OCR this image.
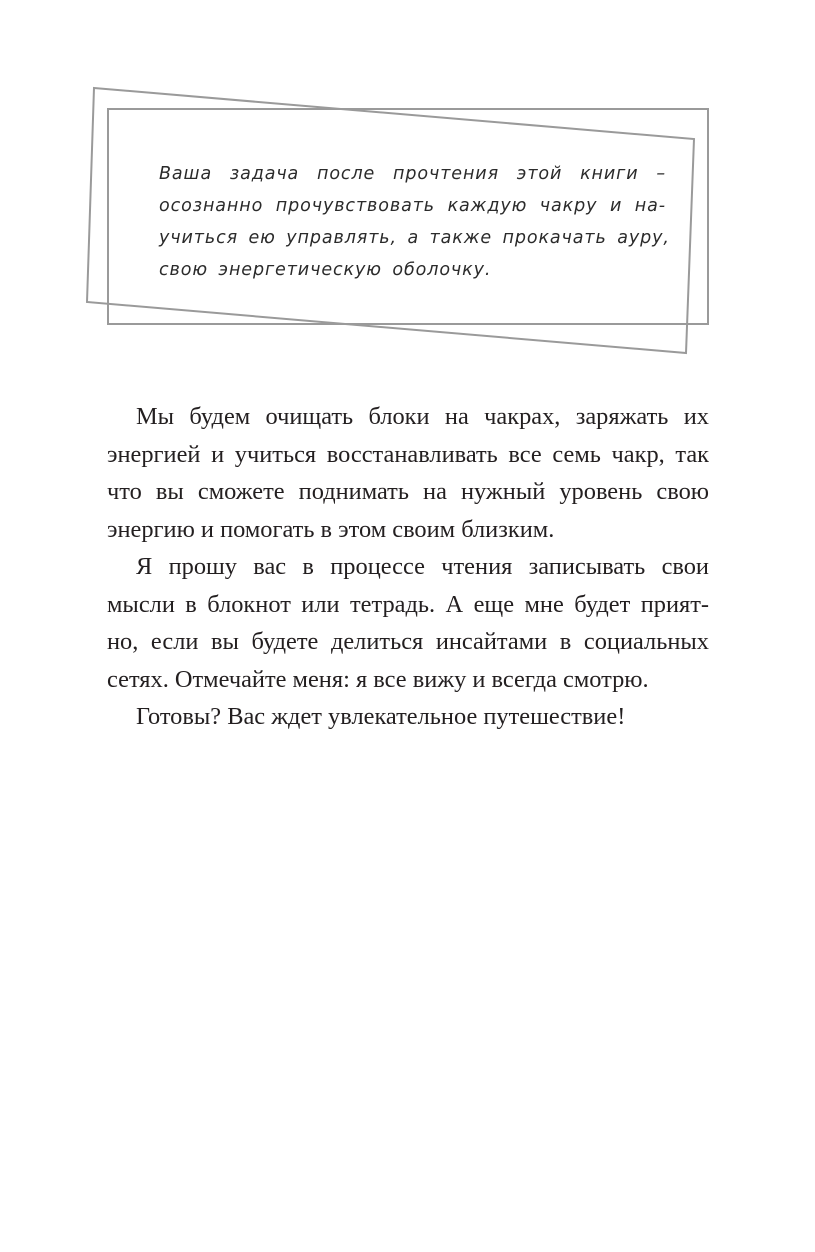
Ваша задача после прочтения этой книги –
осознанно прочувствовать каждую чакру и на-
учиться ею управлять, а также прокачать ауру,
свою энергетическую оболочку.
Мы будем очищать блоки на чакрах, заряжать их
энергией и учиться восстанавливать все семь чакр, так
что вы сможете поднимать на нужный уровень свою
энергию и помогать в этом своим близким.
Я прошу вас в процессе чтения записывать свои
мысли в блокнот или тетрадь. А еще мне будет прият-
но, если вы будете делиться инсайтами в социальных
сетях. Отмечайте меня: я все вижу и всегда смотрю.
Готовы? Вас ждет увлекательное путешествие!
